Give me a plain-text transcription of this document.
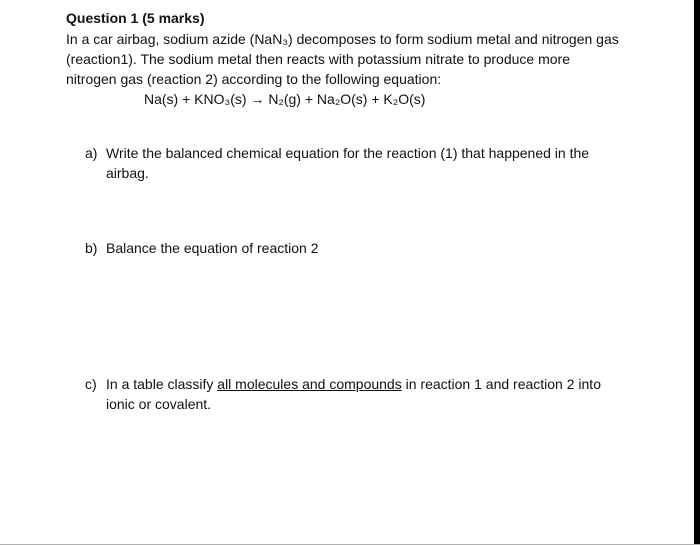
Question 1 (5 marks)

In a car airbag, sodium azide (NaN₃) decomposes to form sodium metal and nitrogen gas

(reaction1). The sodium metal then reacts with potassium nitrate to produce more

nitrogen gas (reaction 2) according to the following equation:

Na(s) + KNO₃(s) → N₂(g) + Na₂O(s) + K₂O(s)

a) Write the balanced chemical equation for the reaction (1) that happened in the
airbag.
b) Balance the equation of reaction 2
c) In a table classify all molecules and compounds in reaction 1 and reaction 2 into
ionic or covalent.
